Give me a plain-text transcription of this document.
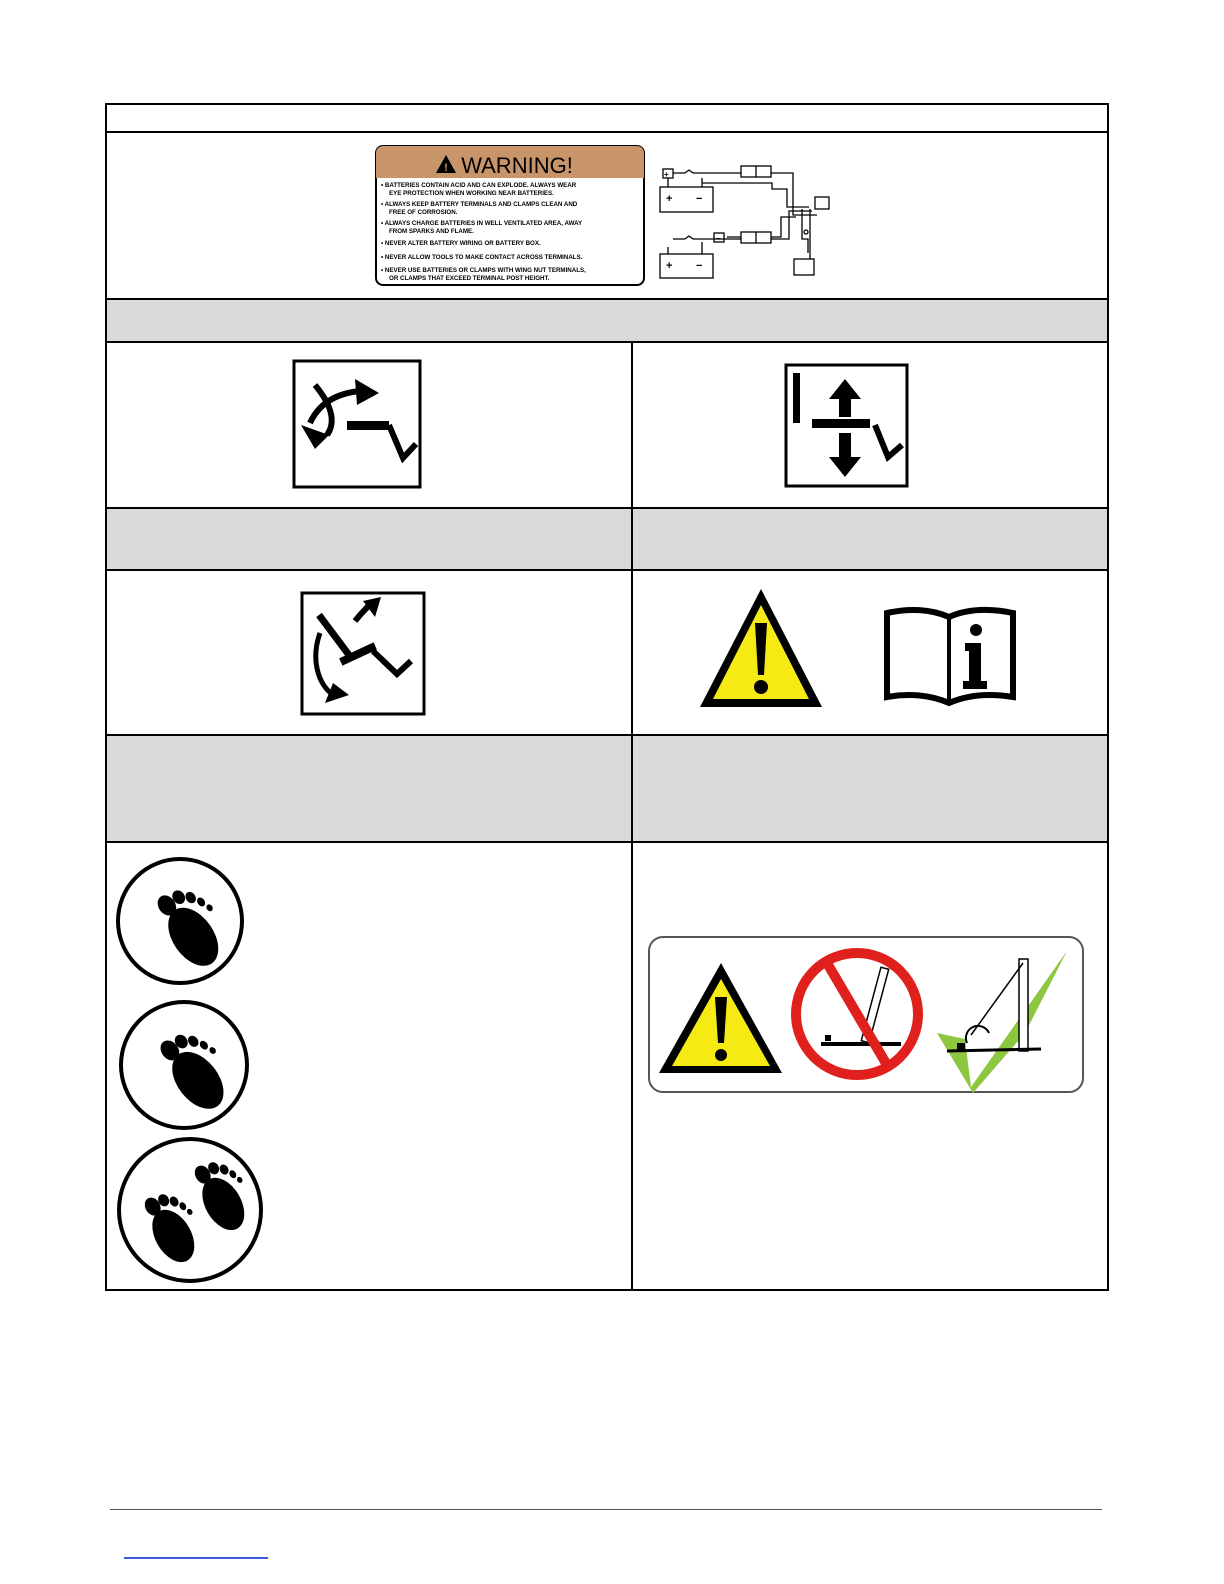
! WARNING!
• BATTERIES CONTAIN ACID AND CAN EXPLODE. ALWAYS WEAR
EYE PROTECTION WHEN WORKING NEAR BATTERIES.
• ALWAYS KEEP BATTERY TERMINALS AND CLAMPS CLEAN AND
FREE OF CORROSION.
• ALWAYS CHARGE BATTERIES IN WELL VENTILATED AREA, AWAY
FROM SPARKS AND FLAME.
• NEVER ALTER BATTERY WIRING OR BATTERY BOX.
• NEVER ALLOW TOOLS TO MAKE CONTACT ACROSS TERMINALS.
• NEVER USE BATTERIES OR CLAMPS WITH WING NUT TERMINALS,
OR CLAMPS THAT EXCEED TERMINAL POST HEIGHT.
+ −
+ −
+
−
